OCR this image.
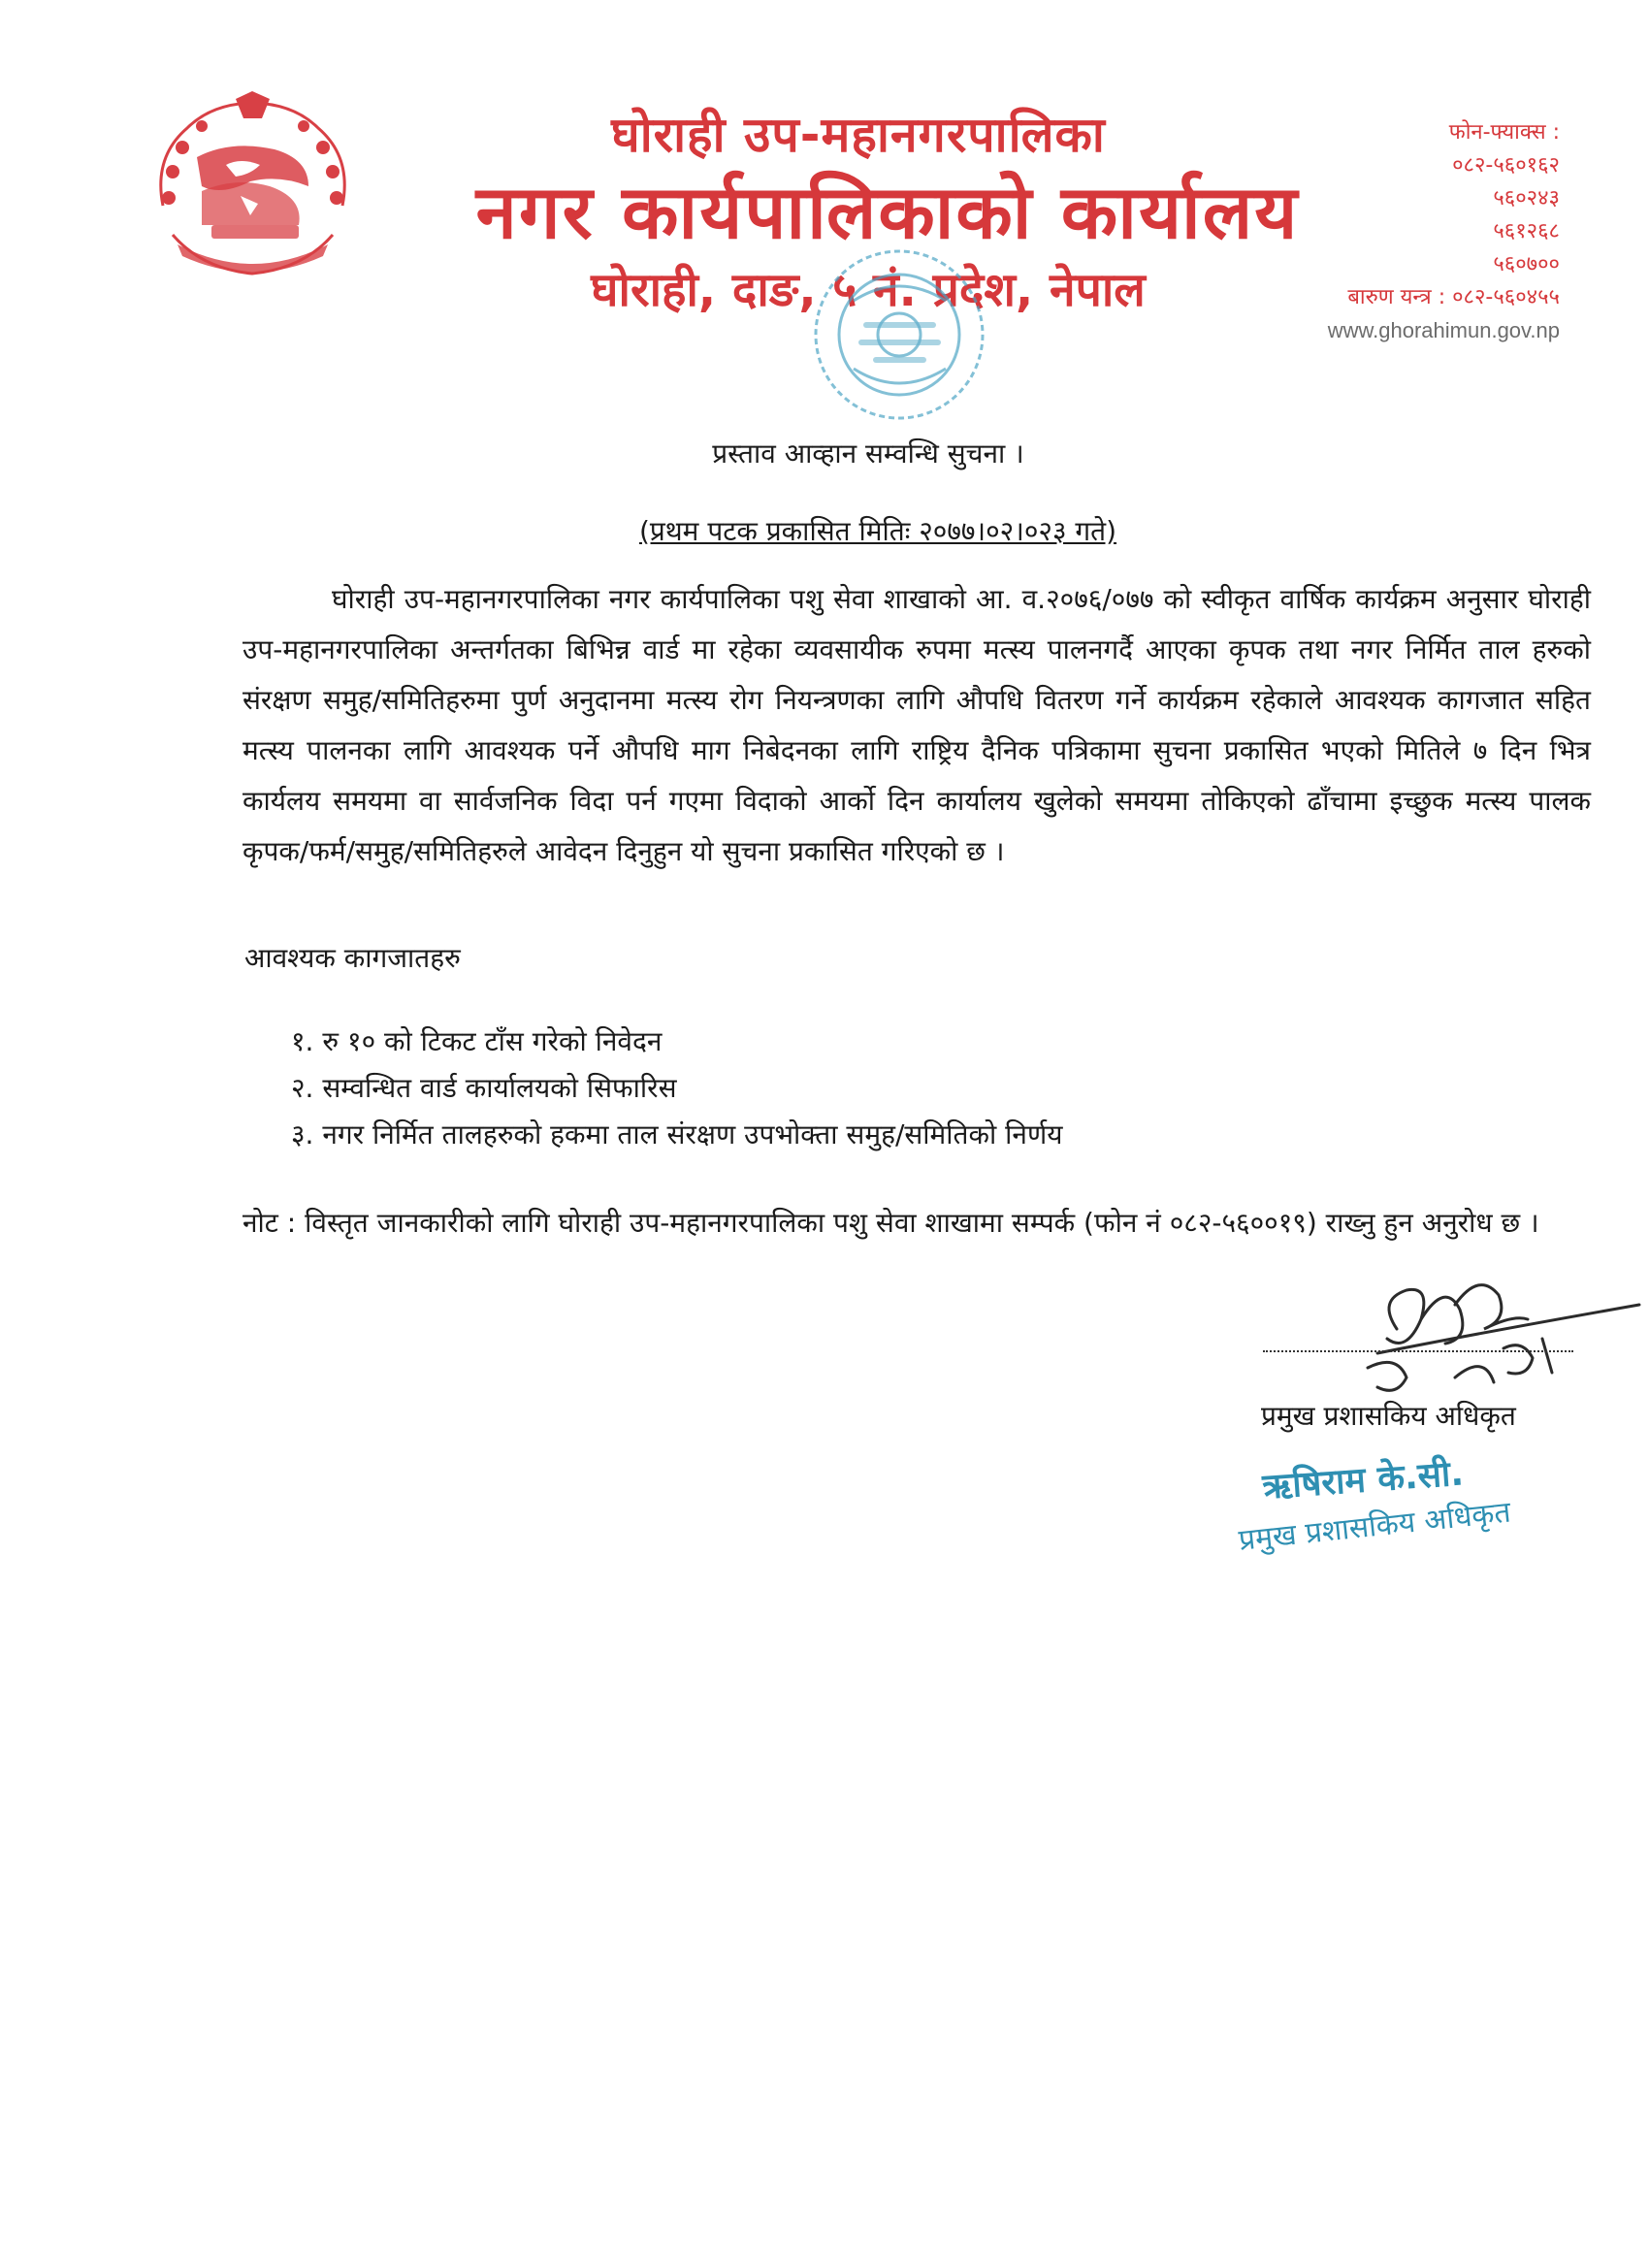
घोराही उप-महानगरपालिका
नगर कार्यपालिकाको कार्यालय
घोराही, दाङ, ५ नं. प्रदेश, नेपाल
फोन-फ्याक्स :
०८२-५६०१६२
५६०२४३
५६१२६८
५६०७००
बारुण यन्त्र : ०८२-५६०४५५
www.ghorahimun.gov.np
प्रस्ताव आव्हान सम्वन्धि सुचना ।
(प्रथम पटक प्रकासित मितिः २०७७।०२।०२३ गते)
घोराही उप-महानगरपालिका नगर कार्यपालिका पशु सेवा शाखाको आ. व.२०७६/०७७ को स्वीकृत वार्षिक कार्यक्रम अनुसार घोराही उप-महानगरपालिका अन्तर्गतका बिभिन्न वार्ड मा रहेका व्यवसायीक रुपमा मत्स्य पालनगर्दै आएका कृपक तथा नगर निर्मित ताल हरुको संरक्षण समुह/समितिहरुमा पुर्ण अनुदानमा मत्स्य रोग नियन्त्रणका लागि औपधि वितरण गर्ने कार्यक्रम रहेकाले आवश्यक कागजात सहित मत्स्य पालनका लागि आवश्यक पर्ने औपधि माग निबेदनका लागि राष्ट्रिय दैनिक पत्रिकामा सुचना प्रकासित भएको मितिले ७ दिन भित्र कार्यलय समयमा वा सार्वजनिक विदा पर्न गएमा विदाको आर्को दिन कार्यालय खुलेको समयमा तोकिएको ढाँचामा इच्छुक मत्स्य पालक कृपक/फर्म/समुह/समितिहरुले आवेदन दिनुहुन यो सुचना प्रकासित गरिएको छ ।
आवश्यक कागजातहरु
१. रु १० को टिकट टाँस गरेको निवेदन
२. सम्वन्धित वार्ड कार्यालयको सिफारिस
३. नगर निर्मित तालहरुको हकमा ताल संरक्षण उपभोक्ता समुह/समितिको निर्णय
नोट : विस्तृत जानकारीको लागि घोराही उप-महानगरपालिका पशु सेवा शाखामा सम्पर्क (फोन नं ०८२-५६००१९) राख्नु हुन अनुरोध छ ।
प्रमुख प्रशासकिय अधिकृत
ऋषिराम के.सी.
प्रमुख प्रशासकिय अधिकृत
